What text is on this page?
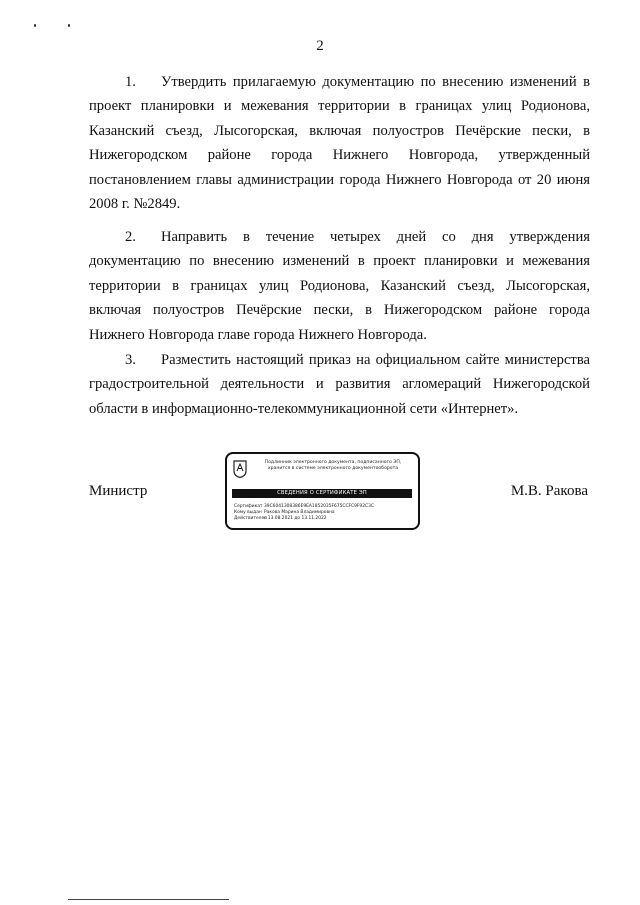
2
1. Утвердить прилагаемую документацию по внесению изменений в проект планировки и межевания территории в границах улиц Родионова, Казанский съезд, Лысогорская, включая полуостров Печёрские пески, в Нижегородском районе города Нижнего Новгорода, утвержденный постановлением главы администрации города Нижнего Новгорода от 20 июня 2008 г. №2849.
2. Направить в течение четырех дней со дня утверждения документацию по внесению изменений в проект планировки и межевания территории в границах улиц Родионова, Казанский съезд, Лысогорская, включая полуостров Печёрские пески, в Нижегородском районе города Нижнего Новгорода главе города Нижнего Новгорода.
3. Разместить настоящий приказ на официальном сайте министерства градостроительной деятельности и развития агломераций Нижегородской области в информационно-телекоммуникационной сети «Интернет».
Министр	М.В. Ракова
Подлинник электронного документа, подписанного ЭП, хранится в системе электронного документооборота
СВЕДЕНИЯ О СЕРТИФИКАТЕ ЭП
Сертификат 39C6041308386E9EA1852035F675CCFC9F92C3C
Кому выдан Ракова Марина Владимировна
Действителенс 13.08.2021 до 13.11.2022
